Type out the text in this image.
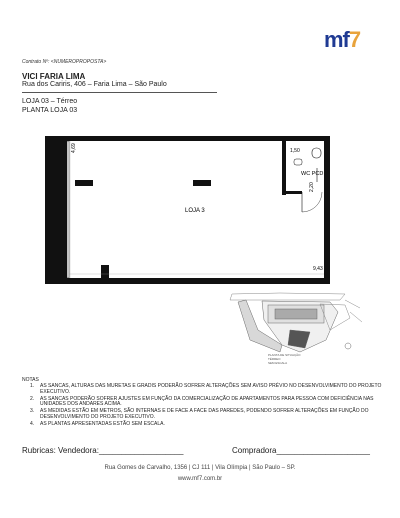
mf7
Contrato Nº: <NUMEROPROPOSTA>
VICI FARIA LIMA
Rua dos Cariris, 406 – Faria Lima – São Paulo
LOJA 03 – Térreo
PLANTA LOJA 03
4,69	1,50
WC PCD
2,20
LOJA 3
9,43
PLANTA DE SITUAÇÃO
TÉRREO
SEM ESCALA
NOTAS
1. AS SANCAS, ALTURAS DAS MURETAS E GRADIS PODERÃO SOFRER ALTERAÇÕES SEM AVISO PRÉVIO NO DESENVOLVIMENTO DO PROJETO EXECUTIVO.
2. AS SANCAS PODERÃO SOFRER AJUSTES EM FUNÇÃO DA COMERCIALIZAÇÃO DE APARTAMENTOS PARA PESSOA COM DEFICIÊNCIA NAS UNIDADES DOS ANDARES ACIMA.
3. AS MEDIDAS ESTÃO EM METROS, SÃO INTERNAS E DE FACE A FACE DAS PAREDES, PODENDO SOFRER ALTERAÇÕES EM FUNÇÃO DO DESENVOLVIMENTO DO PROJETO EXECUTIVO.
4. AS PLANTAS APRESENTADAS ESTÃO SEM ESCALA.
Rubricas: Vendedora:___________________	Compradora_____________________
Rua Gomes de Carvalho, 1356 | CJ 111 | Vila Olímpia | São Paulo – SP.
www.mf7.com.br
